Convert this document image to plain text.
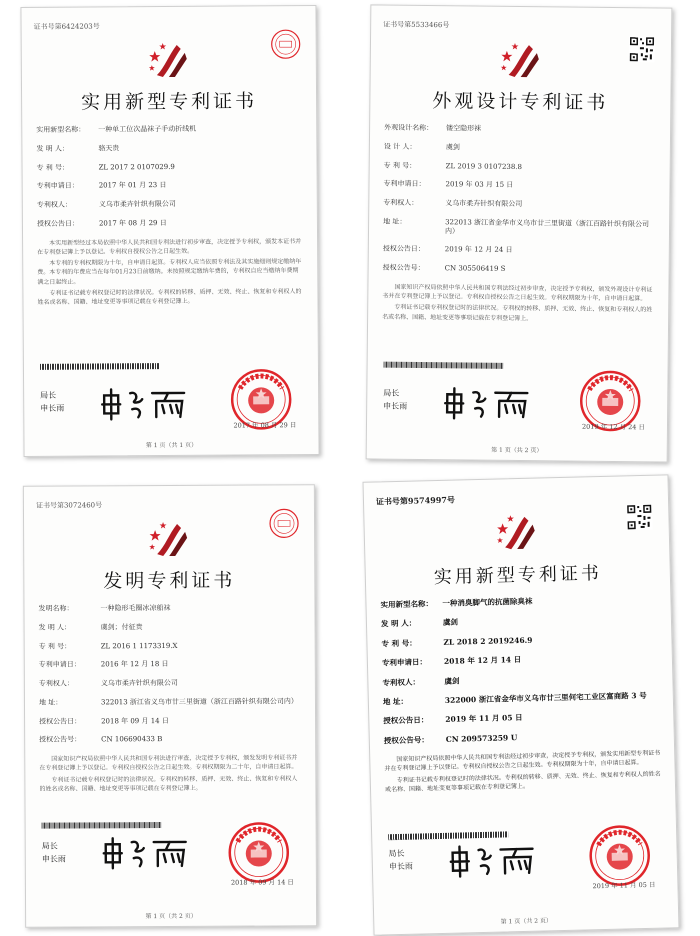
证书号第6424203号
实用新型专利证书
实用新型名称：	一种单工位次晶袜子手动折线机
发 明 人：	骆天贵
专 利 号：	ZL 2017 2 0107029.9
专利申请日：	2017 年 01 月 23 日
专利权人：	义乌市柔卉针织有限公司
授权公告日：	2017 年 08 月 29 日

本实用新型经过本局依照中华人民共和国专利法进行初步审查，决定授予专利权，颁发本证书并在专利登记簿上予以登记。专利权自授权公告之日起生效。

本专利的专利权期限为十年，自申请日起算。专利权人应当依照专利法及其实施细则规定缴纳年费。本专利的年费应当在每年01月23日前缴纳。未按照规定缴纳年费的，专利权自应当缴纳年费期满之日起终止。

专利证书记载专利权登记时的法律状况。专利权的转移、质押、无效、终止、恢复和专利权人的姓名或名称、国籍、地址变更等事项记载在专利登记簿上。

局长
申长雨
2017 年 08 月 29 日
第 1 页（共 1 页）
证书号第5533466号
外观设计专利证书
外观设计名称：	镂空隐形袜
设 计 人：	虞剑
专 利 号：	ZL 2019 3 0107238.8
专利申请日：	2019 年 03 月 15 日
专利权人：	义乌市柔卉针织有限公司
地 址：	322013 浙江省金华市义乌市廿三里街道（浙江百路针织有限公司内）
授权公告日：	2019 年 12 月 24 日
授权公告号：	CN 305506419 S

国家知识产权局依照中华人民共和国专利法经过初步审查，决定授予专利权，颁发外观设计专利证书并在专利登记簿上予以登记。专利权自授权公告之日起生效。专利权期限为十年，自申请日起算。

专利证书记载专利权登记时的法律状况。专利权的转移、质押、无效、终止、恢复和专利权人的姓名或名称、国籍、地址变更等事项记载在专利登记簿上。

局长
申长雨
2019 年 12 月 24 日
第 1 页（共 2 页）
证书号第3072460号
发明专利证书
发明名称：	一种隐形毛圈冰凉船袜
发 明 人：	虞剑；付征贵
专 利 号：	ZL 2016 1 1173319.X
专利申请日：	2016 年 12 月 18 日
专利权人：	义乌市柔卉针织有限公司
地 址：	322013 浙江省义乌市廿三里街道（浙江百路针织有限公司内）
授权公告日：	2018 年 09 月 14 日
授权公告号：	CN 106690433 B

国家知识产权局依照中华人民共和国专利法进行审查，决定授予专利权，颁发发明专利证书并在专利登记簿上予以登记。专利权自授权公告之日起生效。专利权期限为二十年，自申请日起算。

专利证书记载专利权登记时的法律状况。专利权的转移、质押、无效、终止、恢复和专利权人的姓名或名称、国籍、地址变更等事项记载在专利登记簿上。

局长
申长雨
2018 年 09 月 14 日
第 1 页（共 2 页）
证书号第9574997号
实用新型专利证书
实用新型名称：	一种消臭脚气的抗菌除臭袜
发 明 人：	虞剑
专 利 号：	ZL 2018 2 2019246.9
专利申请日：	2018 年 12 月 14 日
专利权人：	虞剑
地 址：	322000 浙江省金华市义乌市廿三里何宅工业区富商路 3 号
授权公告日：	2019 年 11 月 05 日
授权公告号：	CN 209573259 U

国家知识产权局依照中华人民共和国专利法经过初步审查，决定授予专利权，颁发实用新型专利证书并在专利登记簿上予以登记。专利权自授权公告之日起生效。专利权期限为十年，自申请日起算。

专利证书记载专利权登记时的法律状况。专利权的转移、质押、无效、终止、恢复和专利权人的姓名或名称、国籍、地址变更等事项记载在专利登记簿上。

局长
申长雨
2019 年 11 月 05 日
第 1 页（共 2 页）
